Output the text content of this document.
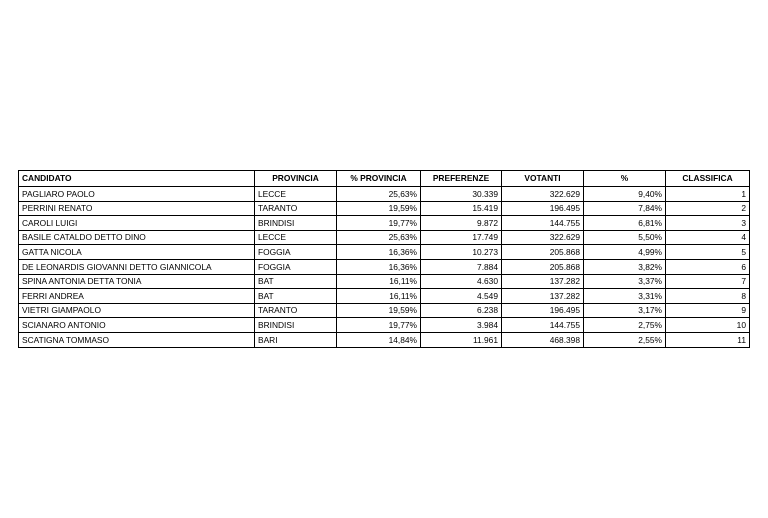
CANDIDATO	PROVINCIA	% PROVINCIA	PREFERENZE	VOTANTI	%	CLASSIFICA
PAGLIARO PAOLO	LECCE	25,63%	30.339	322.629	9,40%	1
PERRINI RENATO	TARANTO	19,59%	15.419	196.495	7,84%	2
CAROLI LUIGI	BRINDISI	19,77%	9.872	144.755	6,81%	3
BASILE CATALDO DETTO DINO	LECCE	25,63%	17.749	322.629	5,50%	4
GATTA NICOLA	FOGGIA	16,36%	10.273	205.868	4,99%	5
DE LEONARDIS GIOVANNI DETTO GIANNICOLA	FOGGIA	16,36%	7.884	205.868	3,82%	6
SPINA ANTONIA DETTA TONIA	BAT	16,11%	4.630	137.282	3,37%	7
FERRI ANDREA	BAT	16,11%	4.549	137.282	3,31%	8
VIETRI GIAMPAOLO	TARANTO	19,59%	6.238	196.495	3,17%	9
SCIANARO ANTONIO	BRINDISI	19,77%	3.984	144.755	2,75%	10
SCATIGNA TOMMASO	BARI	14,84%	11.961	468.398	2,55%	11
